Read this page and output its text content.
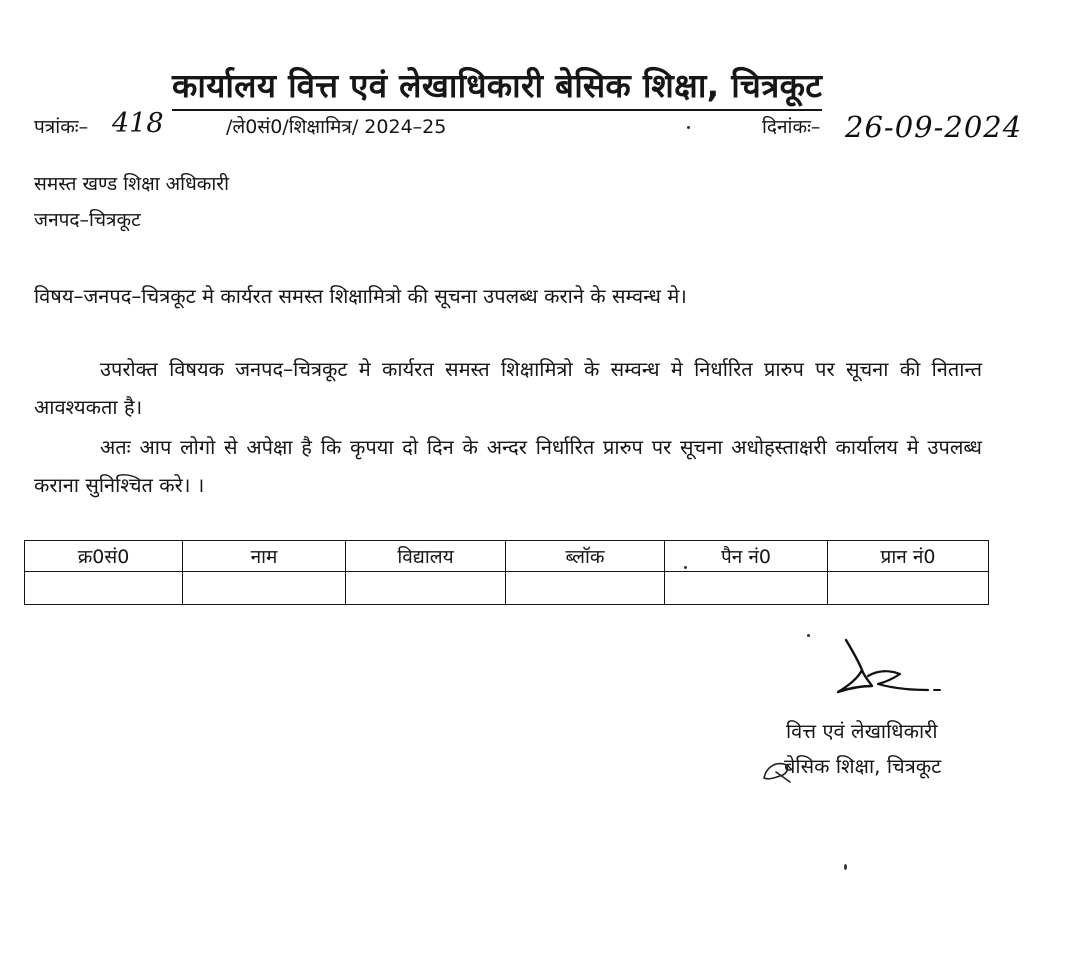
कार्यालय वित्त एवं लेखाधिकारी बेसिक शिक्षा, चित्रकूट
पत्रांकः– 418	/ले0सं0/शिक्षामित्र/ 2024–25	दिनांकः– 26-09-2024
समस्त खण्ड शिक्षा अधिकारी
जनपद–चित्रकूट
विषय–जनपद–चित्रकूट मे कार्यरत समस्त शिक्षामित्रो की सूचना उपलब्ध कराने के सम्वन्ध मे।
उपरोक्त विषयक जनपद–चित्रकूट मे कार्यरत समस्त शिक्षामित्रो के सम्वन्ध मे निर्धारित प्रारुप पर सूचना की नितान्त आवश्यकता है।
अतः आप लोगो से अपेक्षा है कि कृपया दो दिन के अन्दर निर्धारित प्रारुप पर सूचना अधोहस्ताक्षरी कार्यालय मे उपलब्ध कराना सुनिश्चित करे। ।
क्र0सं0	नाम	विद्यालय	ब्लॉक	पैन नं0	प्रान नं0

वित्त एवं लेखाधिकारी
बेसिक शिक्षा, चित्रकूट
